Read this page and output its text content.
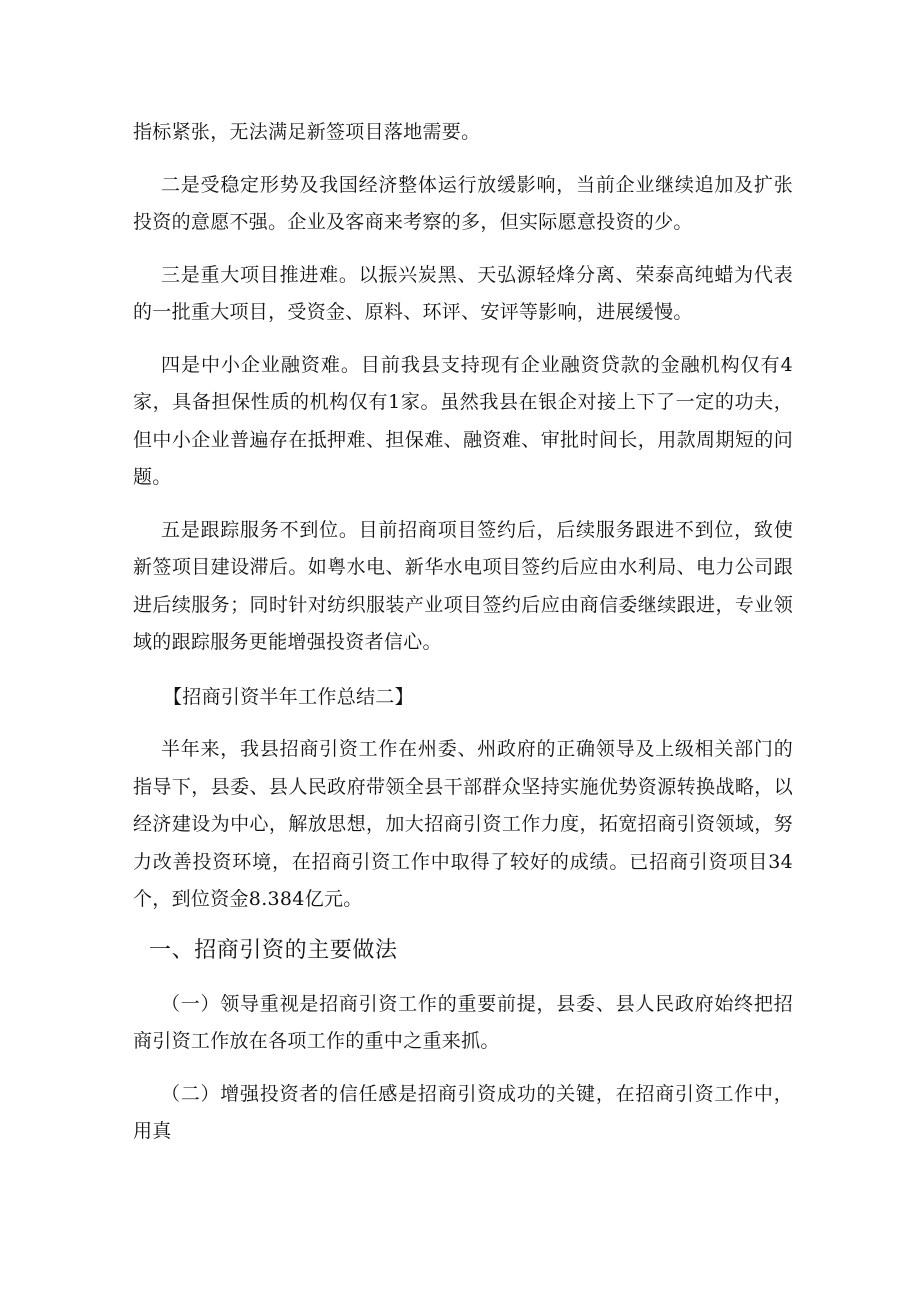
指标紧张，无法满足新签项目落地需要。

二是受稳定形势及我国经济整体运行放缓影响，当前企业继续追加及扩张投资的意愿不强。企业及客商来考察的多，但实际愿意投资的少。

三是重大项目推进难。以振兴炭黑、天弘源轻烽分离、荣泰高纯蜡为代表的一批重大项目，受资金、原料、环评、安评等影响，进展缓慢。

四是中小企业融资难。目前我县支持现有企业融资贷款的金融机构仅有4家，具备担保性质的机构仅有1家。虽然我县在银企对接上下了一定的功夫，但中小企业普遍存在抵押难、担保难、融资难、审批时间长，用款周期短的问题。

五是跟踪服务不到位。目前招商项目签约后，后续服务跟进不到位，致使新签项目建设滞后。如粤水电、新华水电项目签约后应由水利局、电力公司跟进后续服务；同时针对纺织服装产业项目签约后应由商信委继续跟进，专业领域的跟踪服务更能增强投资者信心。

【招商引资半年工作总结二】

半年来，我县招商引资工作在州委、州政府的正确领导及上级相关部门的指导下，县委、县人民政府带领全县干部群众坚持实施优势资源转换战略，以经济建设为中心，解放思想，加大招商引资工作力度，拓宽招商引资领域，努力改善投资环境，在招商引资工作中取得了较好的成绩。已招商引资项目34个，到位资金8.384亿元。

一、招商引资的主要做法

（一）领导重视是招商引资工作的重要前提，县委、县人民政府始终把招商引资工作放在各项工作的重中之重来抓。

（二）增强投资者的信任感是招商引资成功的关键，在招商引资工作中，用真
